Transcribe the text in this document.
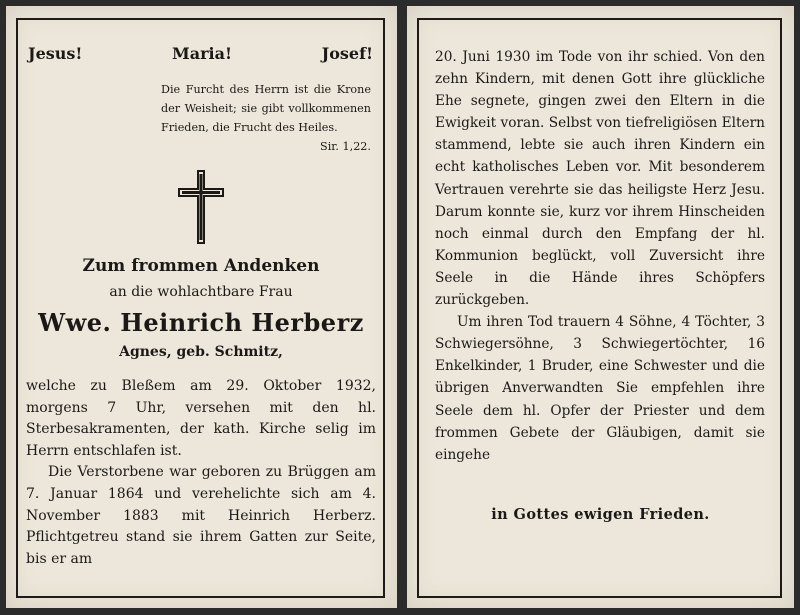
Jesus!	Maria!	Josef!
Die Furcht des Herrn ist die Krone der Weisheit; sie gibt vollkommenen Frieden, die Frucht des Heiles.
Sir. 1,22.
Zum frommen Andenken
an die wohlachtbare Frau
Wwe. Heinrich Herberz
Agnes, geb. Schmitz,

welche zu Bleßem am 29. Oktober 1932, morgens 7 Uhr, versehen mit den hl. Sterbesakramenten, der kath. Kirche selig im Herrn entschlafen ist.

Die Verstorbene war geboren zu Brüggen am 7. Januar 1864 und verehelichte sich am 4. November 1883 mit Heinrich Herberz. Pflichtgetreu stand sie ihrem Gatten zur Seite, bis er am

20. Juni 1930 im Tode von ihr schied. Von den zehn Kindern, mit denen Gott ihre glückliche Ehe segnete, gingen zwei den Eltern in die Ewigkeit voran. Selbst von tiefreligiösen Eltern stammend, lebte sie auch ihren Kindern ein echt katholisches Leben vor. Mit besonderem Vertrauen verehrte sie das heiligste Herz Jesu. Darum konnte sie, kurz vor ihrem Hinscheiden noch einmal durch den Empfang der hl. Kommunion beglückt, voll Zuversicht ihre Seele in die Hände ihres Schöpfers zurückgeben.

Um ihren Tod trauern 4 Söhne, 4 Töchter, 3 Schwiegersöhne, 3 Schwiegertöchter, 16 Enkelkinder, 1 Bruder, eine Schwester und die übrigen Anverwandten Sie empfehlen ihre Seele dem hl. Opfer der Priester und dem frommen Gebete der Gläubigen, damit sie eingehe

in Gottes ewigen Frieden.
